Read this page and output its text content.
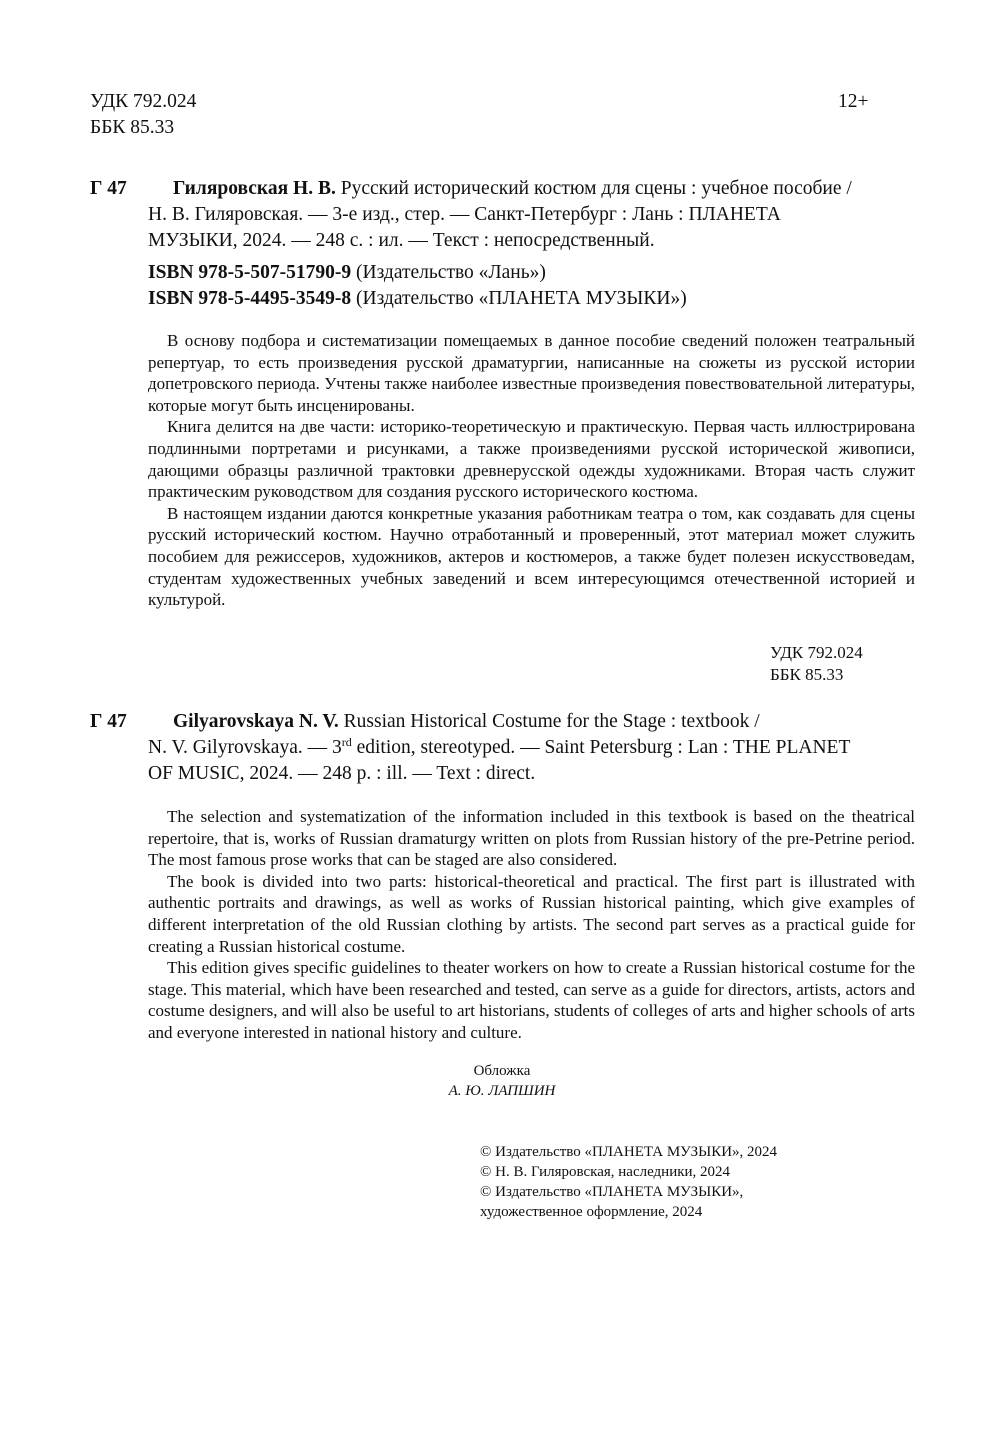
УДК 792.024
ББК 85.33
12+
Г 47	Гиляровская Н. В. Русский исторический костюм для сцены : учебное пособие /
Н. В. Гиляровская. — 3-е изд., стер. — Санкт-Петербург : Лань : ПЛАНЕТА
МУЗЫКИ, 2024. — 248 с. : ил. — Текст : непосредственный.
ISBN 978-5-507-51790-9 (Издательство «Лань»)
ISBN 978-5-4495-3549-8 (Издательство «ПЛАНЕТА МУЗЫКИ»)

В основу подбора и систематизации помещаемых в данное пособие сведений положен театральный репертуар, то есть произведения русской драматургии, написанные на сюжеты из русской истории допетровского периода. Учтены также наиболее известные произведения повествовательной литературы, которые могут быть инсценированы.

Книга делится на две части: историко-теоретическую и практическую. Первая часть иллюстрирована подлинными портретами и рисунками, а также произведениями русской исторической живописи, дающими образцы различной трактовки древнерусской одежды художниками. Вторая часть служит практическим руководством для создания русского исторического костюма.

В настоящем издании даются конкретные указания работникам театра о том, как создавать для сцены русский исторический костюм. Научно отработанный и проверенный, этот материал может служить пособием для режиссеров, художников, актеров и костюмеров, а также будет полезен искусствоведам, студентам художественных учебных заведений и всем интересующимся отечественной историей и культурой.

УДК 792.024
ББК 85.33
Г 47	Gilyarovskaya N. V. Russian Historical Costume for the Stage : textbook /
N. V. Gilyrovskaya. — 3rd edition, stereotyped. — Saint Petersburg : Lan : THE PLANET
OF MUSIC, 2024. — 248 p. : ill. — Text : direct.

The selection and systematization of the information included in this textbook is based on the theatrical repertoire, that is, works of Russian dramaturgy written on plots from Russian history of the pre-Petrine period. The most famous prose works that can be staged are also considered.

The book is divided into two parts: historical-theoretical and practical. The first part is illustrated with authentic portraits and drawings, as well as works of Russian historical painting, which give examples of different interpretation of the old Russian clothing by artists. The second part serves as a practical guide for creating a Russian historical costume.

This edition gives specific guidelines to theater workers on how to create a Russian historical costume for the stage. This material, which have been researched and tested, can serve as a guide for directors, artists, actors and costume designers, and will also be useful to art historians, students of colleges of arts and higher schools of arts and everyone interested in national history and culture.

Обложка
А. Ю. ЛАПШИН
© Издательство «ПЛАНЕТА МУЗЫКИ», 2024
© Н. В. Гиляровская, наследники, 2024
© Издательство «ПЛАНЕТА МУЗЫКИ»,
художественное оформление, 2024
